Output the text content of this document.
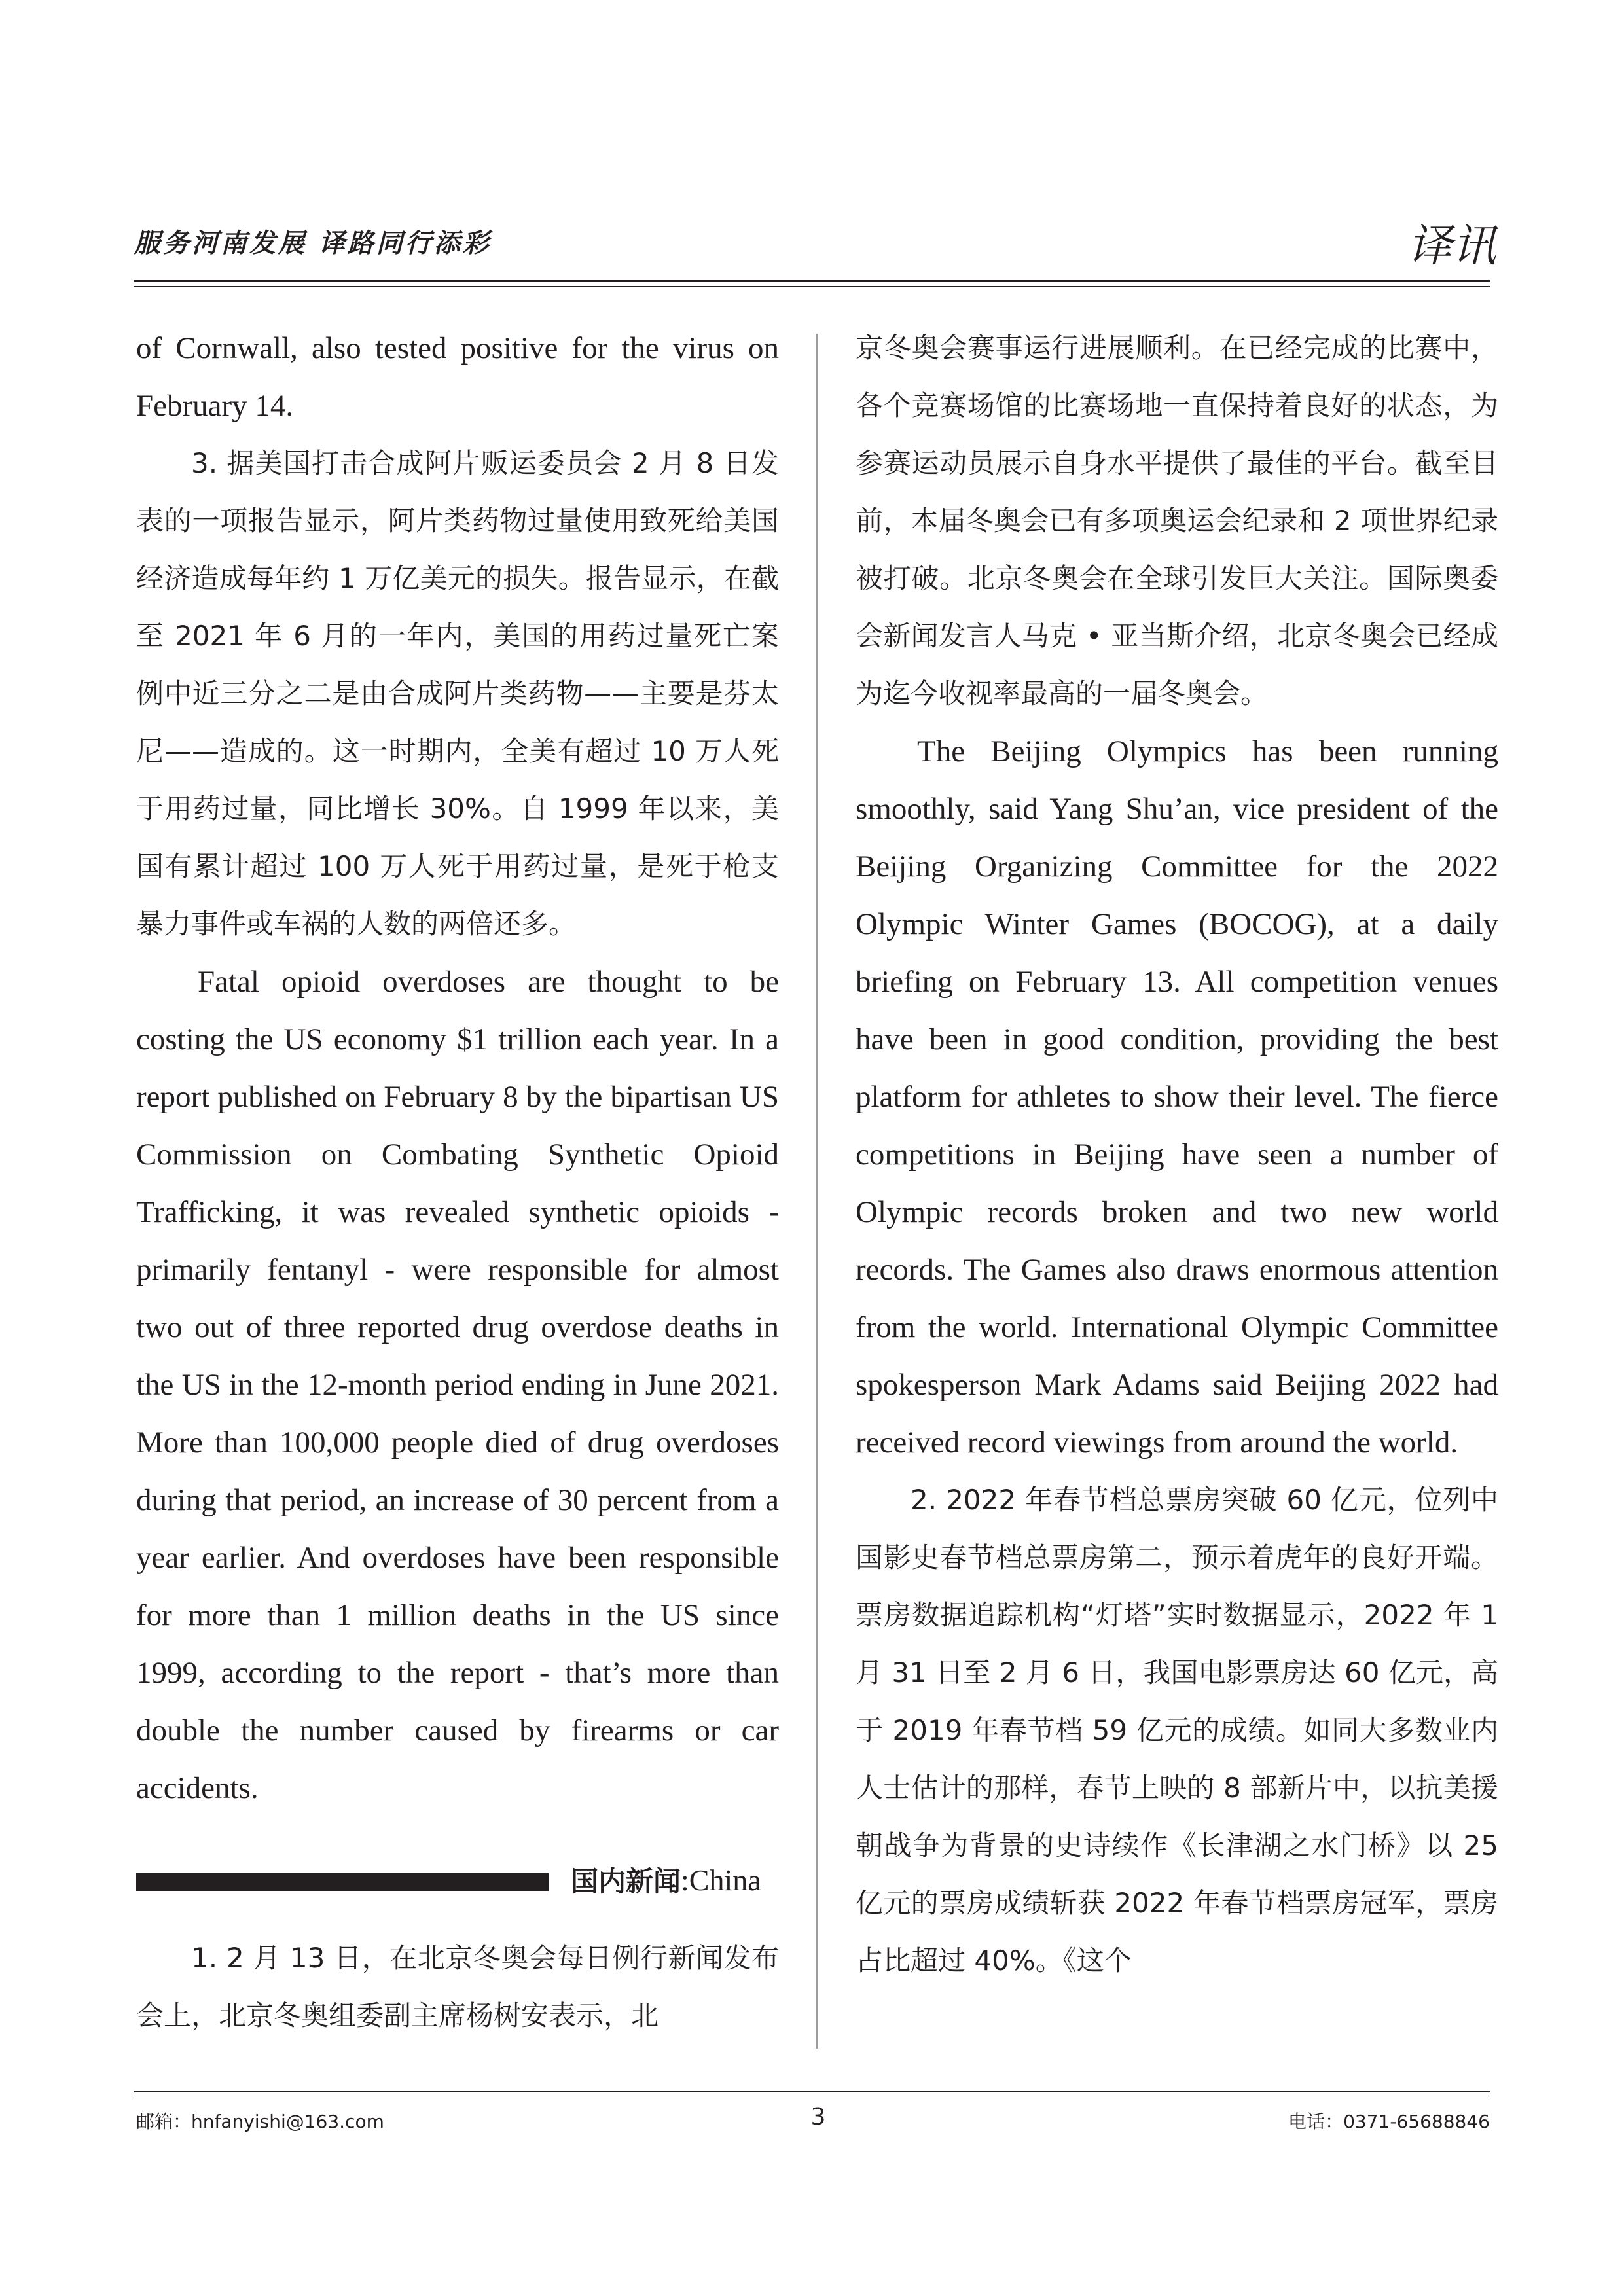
服务河南发展 译路同行添彩	译讯

of Cornwall, also tested positive for the virus on February 14.

3. 据美国打击合成阿片贩运委员会 2 月 8 日发表的一项报告显示，阿片类药物过量使用致死给美国经济造成每年约 1 万亿美元的损失。报告显示，在截至 2021 年 6 月的一年内，美国的用药过量死亡案例中近三分之二是由合成阿片类药物——主要是芬太尼——造成的。这一时期内，全美有超过 10 万人死于用药过量，同比增长 30%。自 1999 年以来，美国有累计超过 100 万人死于用药过量，是死于枪支暴力事件或车祸的人数的两倍还多。

Fatal opioid overdoses are thought to be costing the US economy $1 trillion each year. In a report published on February 8 by the bipartisan US Commission on Combating Synthetic Opioid Trafficking, it was revealed synthetic opioids - primarily fentanyl - were responsible for almost two out of three reported drug overdose deaths in the US in the 12-month period ending in June 2021. More than 100,000 people died of drug overdoses during that period, an increase of 30 percent from a year earlier. And overdoses have been responsible for more than 1 million deaths in the US since 1999, according to the report - that’s more than double the number caused by firearms or car accidents.

国内新闻 :China

1. 2 月 13 日，在北京冬奥会每日例行新闻发布会上，北京冬奥组委副主席杨树安表示，北

京冬奥会赛事运行进展顺利。在已经完成的比赛中，各个竞赛场馆的比赛场地一直保持着良好的状态，为参赛运动员展示自身水平提供了最佳的平台。截至目前，本届冬奥会已有多项奥运会纪录和 2 项世界纪录被打破。北京冬奥会在全球引发巨大关注。国际奥委会新闻发言人马克 • 亚当斯介绍，北京冬奥会已经成为迄今收视率最高的一届冬奥会。

The Beijing Olympics has been running smoothly, said Yang Shu’an, vice president of the Beijing Organizing Committee for the 2022 Olympic Winter Games (BOCOG), at a daily briefing on February 13. All competition venues have been in good condition, providing the best platform for athletes to show their level. The fierce competitions in Beijing have seen a number of Olympic records broken and two new world records. The Games also draws enormous attention from the world. International Olympic Committee spokesperson Mark Adams said Beijing 2022 had received record viewings from around the world.

2. 2022 年春节档总票房突破 60 亿元，位列中国影史春节档总票房第二，预示着虎年的良好开端。票房数据追踪机构“灯塔”实时数据显示，2022 年 1 月 31 日至 2 月 6 日，我国电影票房达 60 亿元，高于 2019 年春节档 59 亿元的成绩。如同大多数业内人士估计的那样，春节上映的 8 部新片中，以抗美援朝战争为背景的史诗续作《长津湖之水门桥》以 25 亿元的票房成绩斩获 2022 年春节档票房冠军，票房占比超过 40%。《这个

邮箱：hnfanyishi@163.com	3	电话：0371-65688846
